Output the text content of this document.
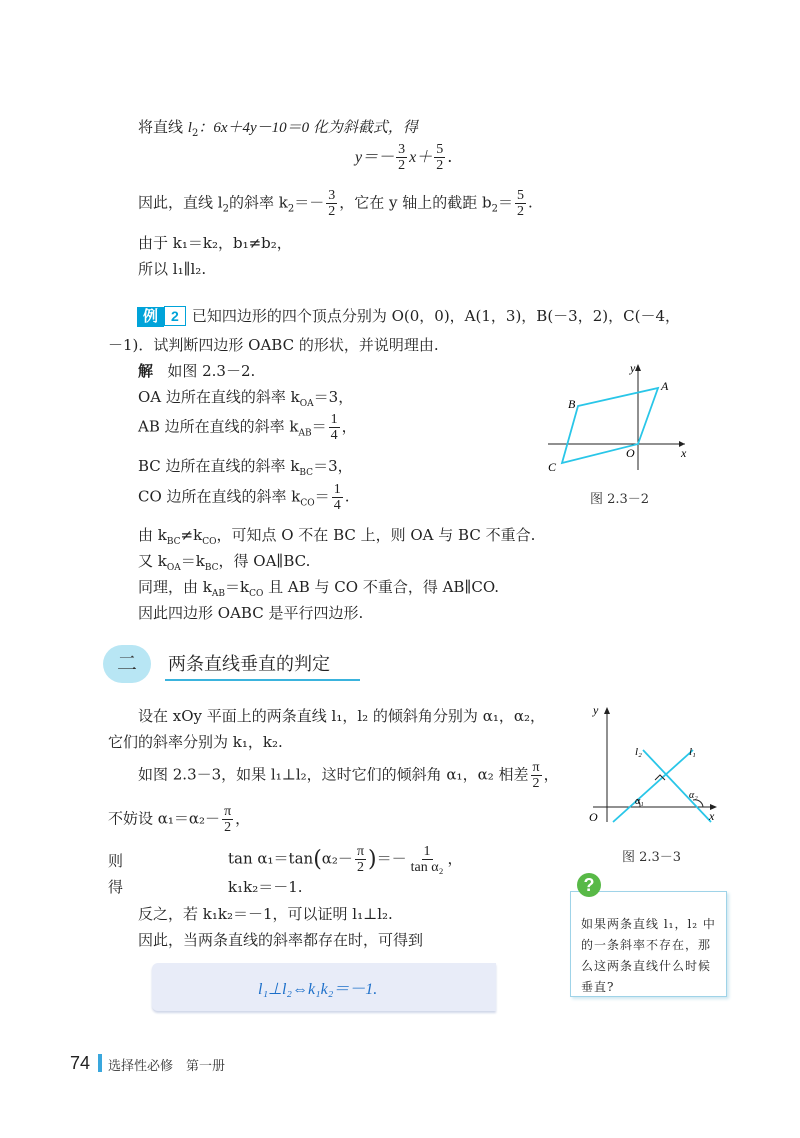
将直线 $l_2$：6x＋4y－10＝0 化为斜截式，得
$y=- \frac{3}{2} x+ \frac{5}{2}$ .
因此，直线 $l_2$的斜率 $k_2=- \frac{3}{2}$ ，它在 y 轴上的截距 $b_2= \frac{5}{2}$ .
由于 k₁＝k₂，b₁≠b₂，
所以 l₁∥l₂.
例 2 已知四边形的四个顶点分别为 O(0，0)，A(1，3)，B(－3，2)，C(－4，
－1)．试判断四边形 OABC 的形状，并说明理由.
解 如图 2.3－2.
OA 边所在直线的斜率 $k_{OA}=3$，
AB 边所在直线的斜率 $k_{AB}= \frac{1}{4}$ ，
BC 边所在直线的斜率 $k_{BC}=3$，
CO 边所在直线的斜率 $k_{CO}= \frac{1}{4}$ .
由 $k_{BC}\ne k_{CO}$，可知点 O 不在 BC 上，则 OA 与 BC 不重合.
又 $k_{OA}=k_{BC}$，得 OA∥BC.
同理，由 $k_{AB}=k_{CO}$ 且 AB 与 CO 不重合，得 AB∥CO.
因此四边形 OABC 是平行四边形.
x
y
O
A
B
C
图 2.3－2
二	两条直线垂直的判定
设在 xOy 平面上的两条直线 l₁，l₂ 的倾斜角分别为 α₁，α₂，
它们的斜率分别为 k₁，k₂.
如图 2.3－3，如果 l₁⊥l₂，这时它们的倾斜角 α₁，α₂ 相差 $\frac{\pi}{2}$ ，
不妨设 $\alpha_1=\alpha_2- \frac{\pi}{2}$ ，
则
得
$\tan \alpha_1=\tan(\alpha_2- \frac{\pi}{2}$ )＝－ $\frac{1}{\text{tan α₂}}$ ，
k₁k₂＝－1.
反之，若 k₁k₂＝－1，可以证明 l₁⊥l₂.
因此，当两条直线的斜率都存在时，可得到
l₁⊥l₂⇔k₁k₂＝－1.
x
y
O
l₁
l₂
α₁
α₂
图 2.3－3

如果两条直线 l₁，l₂ 中的一条斜率不存在，那么这两条直线什么时候垂直?

?
74 选择性必修　第一册
